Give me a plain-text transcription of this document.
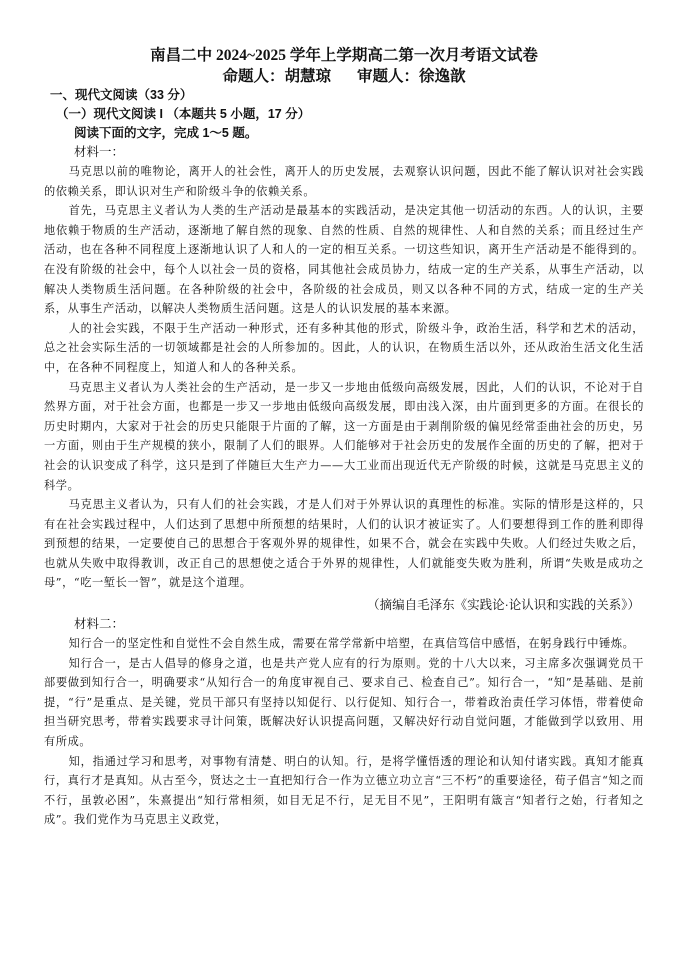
南昌二中 2024~2025 学年上学期高二第一次月考语文试卷
命题人：胡慧琼 审题人：徐逸歆
一、现代文阅读（33 分）
（一）现代文阅读 I （本题共 5 小题，17 分）
阅读下面的文字，完成 1～5 题。
材料一：

马克思以前的唯物论，离开人的社会性，离开人的历史发展，去观察认识问题，因此不能了解认识对社会实践的依赖关系，即认识对生产和阶级斗争的依赖关系。

首先，马克思主义者认为人类的生产活动是最基本的实践活动，是决定其他一切活动的东西。人的认识，主要地依赖于物质的生产活动，逐渐地了解自然的现象、自然的性质、自然的规律性、人和自然的关系；而且经过生产活动，也在各种不同程度上逐渐地认识了人和人的一定的相互关系。一切这些知识，离开生产活动是不能得到的。在没有阶级的社会中，每个人以社会一员的资格，同其他社会成员协力，结成一定的生产关系，从事生产活动，以解决人类物质生活问题。在各种阶级的社会中，各阶级的社会成员，则又以各种不同的方式，结成一定的生产关系，从事生产活动，以解决人类物质生活问题。这是人的认识发展的基本来源。

人的社会实践，不限于生产活动一种形式，还有多种其他的形式，阶级斗争，政治生活，科学和艺术的活动，总之社会实际生活的一切领域都是社会的人所参加的。因此，人的认识，在物质生活以外，还从政治生活文化生活中，在各种不同程度上，知道人和人的各种关系。

马克思主义者认为人类社会的生产活动，是一步又一步地由低级向高级发展，因此，人们的认识，不论对于自然界方面，对于社会方面，也都是一步又一步地由低级向高级发展，即由浅入深，由片面到更多的方面。在很长的历史时期内，大家对于社会的历史只能限于片面的了解，这一方面是由于剥削阶级的偏见经常歪曲社会的历史，另一方面，则由于生产规模的狭小，限制了人们的眼界。人们能够对于社会历史的发展作全面的历史的了解，把对于社会的认识变成了科学，这只是到了伴随巨大生产力——大工业而出现近代无产阶级的时候，这就是马克思主义的科学。

马克思主义者认为，只有人们的社会实践，才是人们对于外界认识的真理性的标准。实际的情形是这样的，只有在社会实践过程中，人们达到了思想中所预想的结果时，人们的认识才被证实了。人们要想得到工作的胜利即得到预想的结果，一定要使自己的思想合于客观外界的规律性，如果不合，就会在实践中失败。人们经过失败之后，也就从失败中取得教训，改正自己的思想使之适合于外界的规律性，人们就能变失败为胜利，所谓“失败是成功之母”，“吃一堑长一智”，就是这个道理。

（摘编自毛泽东《实践论·论认识和实践的关系》）
材料二：

知行合一的坚定性和自觉性不会自然生成，需要在常学常新中培塑，在真信笃信中感悟，在躬身践行中锤炼。

知行合一，是古人倡导的修身之道，也是共产党人应有的行为原则。党的十八大以来，习主席多次强调党员干部要做到知行合一，明确要求“从知行合一的角度审视自己、要求自己、检查自己”。知行合一，“知”是基础、是前提，“行”是重点、是关键，党员干部只有坚持以知促行、以行促知、知行合一，带着政治责任学习体悟，带着使命担当研究思考，带着实践要求寻计问策，既解决好认识提高问题，又解决好行动自觉问题，才能做到学以致用、用有所成。

知，指通过学习和思考，对事物有清楚、明白的认知。行，是将学懂悟透的理论和认知付诸实践。真知才能真行，真行才是真知。从古至今，贤达之士一直把知行合一作为立德立功立言“三不朽”的重要途径，荀子倡言“知之而不行，虽敦必困”，朱熹提出“知行常相须，如目无足不行，足无目不见”，王阳明有箴言“知者行之始，行者知之成”。我们党作为马克思主义政党，
